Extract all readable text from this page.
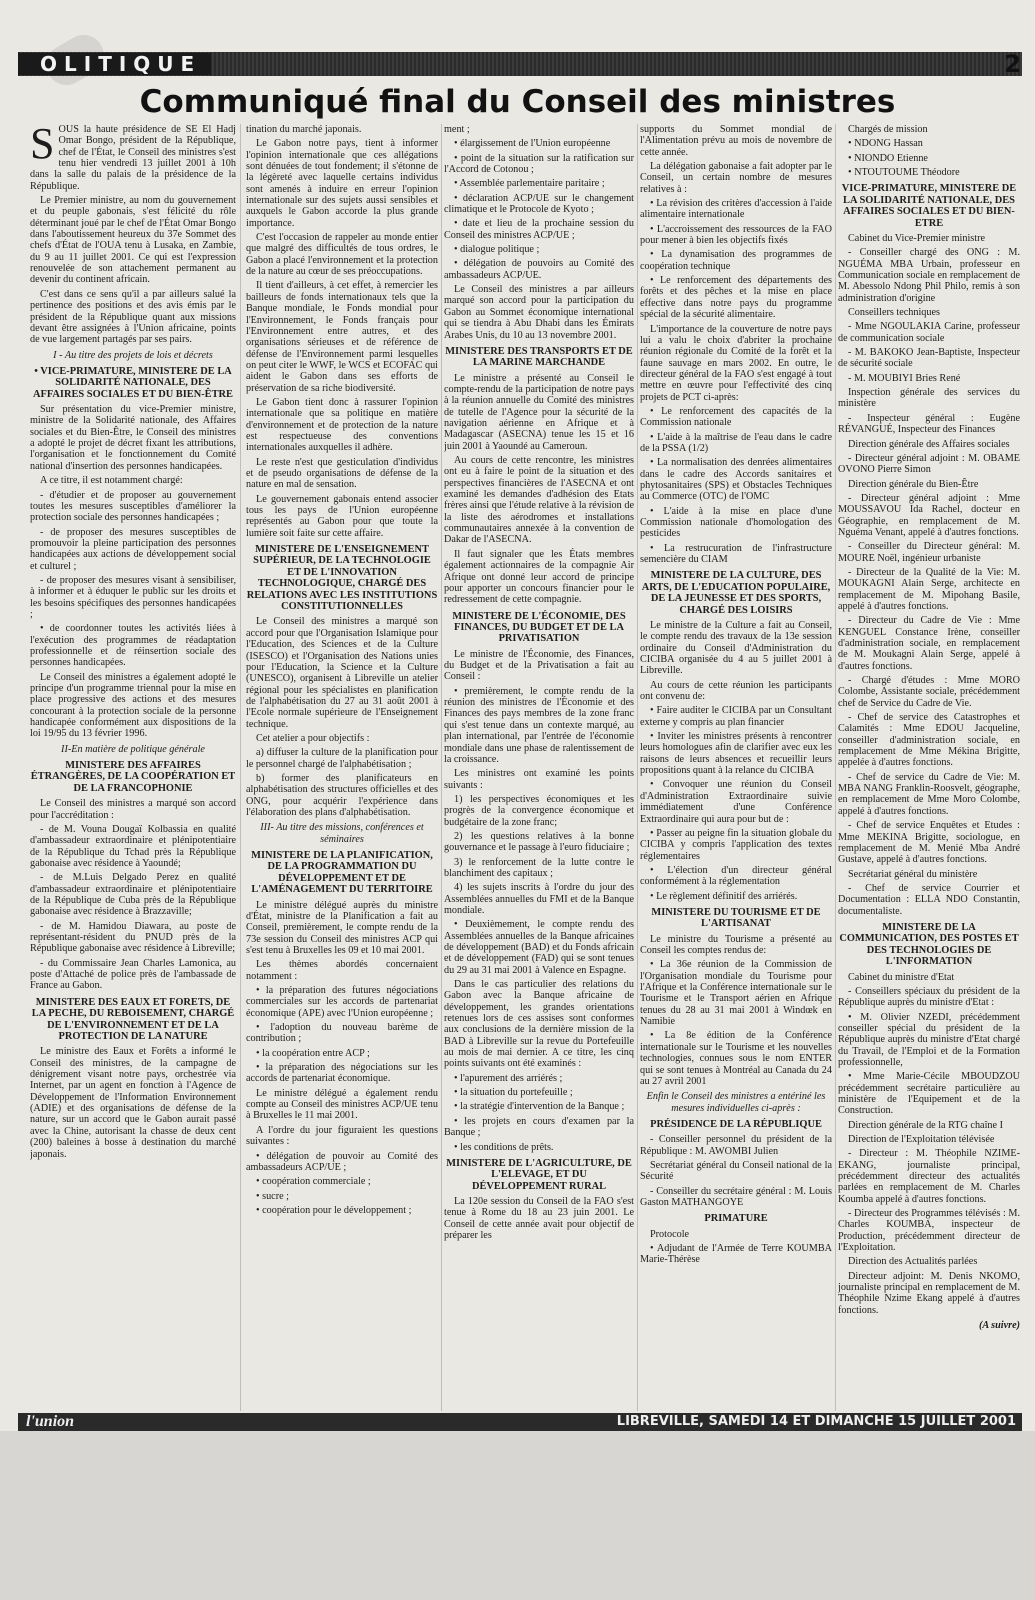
OLITIQUE	2
Communiqué final du Conseil des ministres

SOUS la haute présidence de SE El Hadj Omar Bongo, président de la République, chef de l'État, le Conseil des ministres s'est tenu hier vendredi 13 juillet 2001 à 10h dans la salle du palais de la présidence de la République.

Le Premier ministre, au nom du gouvernement et du peuple gabonais, s'est félicité du rôle déterminant joué par le chef de l'État Omar Bongo dans l'aboutissement heureux du 37e Sommet des chefs d'État de l'OUA tenu à Lusaka, en Zambie, du 9 au 11 juillet 2001. Ce qui est l'expression renouvelée de son attachement permanent au devenir du continent africain.

C'est dans ce sens qu'il a par ailleurs salué la pertinence des positions et des avis émis par le président de la République quant aux missions devant être assignées à l'Union africaine, points de vue largement partagés par ses pairs.

I - Au titre des projets de lois et décrets
• VICE-PRIMATURE, MINISTERE DE LA SOLIDARITÉ NATIONALE, DES AFFAIRES SOCIALES ET DU BIEN-ÊTRE

Sur présentation du vice-Premier ministre, ministre de la Solidarité nationale, des Affaires sociales et du Bien-Être, le Conseil des ministres a adopté le projet de décret fixant les attributions, l'organisation et le fonctionnement du Comité national d'insertion des personnes handicapées.

A ce titre, il est notamment chargé:

- d'étudier et de proposer au gouvernement toutes les mesures susceptibles d'améliorer la protection sociale des personnes handicapées ;

- de proposer des mesures susceptibles de promouvoir la pleine participation des personnes handicapées aux actions de développement social et culturel ;

- de proposer des mesures visant à sensibiliser, à informer et à éduquer le public sur les droits et les besoins spécifiques des personnes handicapées ;

• de coordonner toutes les activités liées à l'exécution des programmes de réadaptation professionnelle et de réinsertion sociale des personnes handicapées.

Le Conseil des ministres a également adopté le principe d'un programme triennal pour la mise en place progressive des actions et des mesures concourant à la protection sociale de la personne handicapée conformément aux dispositions de la loi 19/95 du 13 février 1996.

II-En matière de politique générale
MINISTERE DES AFFAIRES ÉTRANGÈRES, DE LA COOPÉRATION ET DE LA FRANCOPHONIE

Le Conseil des ministres a marqué son accord pour l'accréditation :

- de M. Vouna Dougaï Kolbassia en qualité d'ambassadeur extraordinaire et plénipotentiaire de la République du Tchad près la République gabonaise avec résidence à Yaoundé;

- de M.Luis Delgado Perez en qualité d'ambassadeur extraordinaire et plénipotentiaire de la République de Cuba près de la République gabonaise avec résidence à Brazzaville;

- de M. Hamidou Diawara, au poste de représentant-résident du PNUD près de la République gabonaise avec résidence à Libreville;

- du Commissaire Jean Charles Lamonica, au poste d'Attaché de police près de l'ambassade de France au Gabon.

MINISTERE DES EAUX ET FORETS, DE LA PECHE, DU REBOISEMENT, CHARGÉ DE L'ENVIRONNEMENT ET DE LA PROTECTION DE LA NATURE

Le ministre des Eaux et Forêts a informé le Conseil des ministres, de la campagne de dénigrement visant notre pays, orchestrée via Internet, par un agent en fonction à l'Agence de Développement de l'Information Environnement (ADIE) et des organisations de défense de la nature, sur un accord que le Gabon aurait passé avec la Chine, autorisant la chasse de deux cent (200) baleines à bosse à destination du marché japonais.

tination du marché japonais.

Le Gabon notre pays, tient à informer l'opinion internationale que ces allégations sont dénuées de tout fondement; il s'étonne de la légèreté avec laquelle certains individus sont amenés à induire en erreur l'opinion internationale sur des sujets aussi sensibles et auxquels le Gabon accorde la plus grande importance.

C'est l'occasion de rappeler au monde entier que malgré des difficultés de tous ordres, le Gabon a placé l'environnement et la protection de la nature au cœur de ses préoccupations.

Il tient d'ailleurs, à cet effet, à remercier les bailleurs de fonds internationaux tels que la Banque mondiale, le Fonds mondial pour l'Environnement, le Fonds français pour l'Environnement entre autres, et des organisations sérieuses et de référence de défense de l'Environnement parmi lesquelles on peut citer le WWF, le WCS et ECOFAC qui aident le Gabon dans ses efforts de préservation de sa riche biodiversité.

Le Gabon tient donc à rassurer l'opinion internationale que sa politique en matière d'environnement et de protection de la nature est respectueuse des conventions internationales auxquelles il adhère.

Le reste n'est que gesticulation d'individus et de pseudo organisations de défense de la nature en mal de sensation.

Le gouvernement gabonais entend associer tous les pays de l'Union européenne représentés au Gabon pour que toute la lumière soit faite sur cette affaire.

MINISTERE DE L'ENSEIGNEMENT SUPÉRIEUR, DE LA TECHNOLOGIE ET DE L'INNOVATION TECHNOLOGIQUE, CHARGÉ DES RELATIONS AVEC LES INSTITUTIONS CONSTITUTIONNELLES

Le Conseil des ministres a marqué son accord pour que l'Organisation Islamique pour l'Education, des Sciences et de la Culture (ISESCO) et l'Organisation des Nations unies pour l'Education, la Science et la Culture (UNESCO), organisent à Libreville un atelier régional pour les spécialistes en planification de l'alphabétisation du 27 au 31 août 2001 à l'Ecole normale supérieure de l'Enseignement technique.

Cet atelier a pour objectifs :

a) diffuser la culture de la planification pour le personnel chargé de l'alphabétisation ;

b) former des planificateurs en alphabétisation des structures officielles et des ONG, pour acquérir l'expérience dans l'élaboration des plans d'alphabétisation.

III- Au titre des missions, conférences et séminaires
MINISTERE DE LA PLANIFICATION, DE LA PROGRAMMATION DU DÉVELOPPEMENT ET DE L'AMÉNAGEMENT DU TERRITOIRE

Le ministre délégué auprès du ministre d'État, ministre de la Planification a fait au Conseil, premièrement, le compte rendu de la 73e session du Conseil des ministres ACP qui s'est tenu à Bruxelles les 09 et 10 mai 2001.

Les thèmes abordés concernaient notamment :

• la préparation des futures négociations commerciales sur les accords de partenariat économique (APE) avec l'Union européenne ;

• l'adoption du nouveau barème de contribution ;

• la coopération entre ACP ;

• la préparation des négociations sur les accords de partenariat économique.

Le ministre délégué a également rendu compte au Conseil des ministres ACP/UE tenu à Bruxelles le 11 mai 2001.

A l'ordre du jour figuraient les questions suivantes :

• délégation de pouvoir au Comité des ambassadeurs ACP/UE ;

• coopération commerciale ;

• sucre ;

• coopération pour le développement ;

ment ;

• élargissement de l'Union européenne

• point de la situation sur la ratification sur l'Accord de Cotonou ;

• Assemblée parlementaire paritaire ;

• déclaration ACP/UE sur le changement climatique et le Protocole de Kyoto ;

• date et lieu de la prochaine session du Conseil des ministres ACP/UE ;

• dialogue politique ;

• délégation de pouvoirs au Comité des ambassadeurs ACP/UE.

Le Conseil des ministres a par ailleurs marqué son accord pour la participation du Gabon au Sommet économique international qui se tiendra à Abu Dhabi dans les Émirats Arabes Unis, du 10 au 13 novembre 2001.

MINISTERE DES TRANSPORTS ET DE LA MARINE MARCHANDE

Le ministre a présenté au Conseil le compte-rendu de la participation de notre pays à la réunion annuelle du Comité des ministres de tutelle de l'Agence pour la sécurité de la navigation aérienne en Afrique et à Madagascar (ASECNA) tenue les 15 et 16 juin 2001 à Yaoundé au Cameroun.

Au cours de cette rencontre, les ministres ont eu à faire le point de la situation et des perspectives financières de l'ASECNA et ont examiné les demandes d'adhésion des Etats frères ainsi que l'étude relative à la révision de la liste des aérodromes et installations communautaires annexée à la convention de Dakar de l'ASECNA.

Il faut signaler que les États membres également actionnaires de la compagnie Air Afrique ont donné leur accord de principe pour apporter un concours financier pour le redressement de cette compagnie.

MINISTERE DE L'ÉCONOMIE, DES FINANCES, DU BUDGET ET DE LA PRIVATISATION

Le ministre de l'Économie, des Finances, du Budget et de la Privatisation a fait au Conseil :

• premièrement, le compte rendu de la réunion des ministres de l'Économie et des Finances des pays membres de la zone franc qui s'est tenue dans un contexte marqué, au plan international, par l'entrée de l'économie mondiale dans une phase de ralentissement de la croissance.

Les ministres ont examiné les points suivants :

1) les perspectives économiques et les progrès de la convergence économique et budgétaire de la zone franc;

2) les questions relatives à la bonne gouvernance et le passage à l'euro fiduciaire ;

3) le renforcement de la lutte contre le blanchiment des capitaux ;

4) les sujets inscrits à l'ordre du jour des Assemblées annuelles du FMI et de la Banque mondiale.

• Deuxièmement, le compte rendu des Assemblées annuelles de la Banque africaines de développement (BAD) et du Fonds africain et de développement (FAD) qui se sont tenues du 29 au 31 mai 2001 à Valence en Espagne.

Dans le cas particulier des relations du Gabon avec la Banque africaine de développement, les grandes orientations retenues lors de ces assises sont conformes aux conclusions de la dernière mission de la BAD à Libreville sur la revue du Portefeuille au mois de mai dernier. A ce titre, les cinq points suivants ont été examinés :

• l'apurement des arriérés ;

• la situation du portefeuille ;

• la stratégie d'intervention de la Banque ;

• les projets en cours d'examen par la Banque ;

• les conditions de prêts.

MINISTERE DE L'AGRICULTURE, DE L'ELEVAGE, ET DU DÉVELOPPEMENT RURAL

La 120e session du Conseil de la FAO s'est tenue à Rome du 18 au 23 juin 2001. Le Conseil de cette année avait pour objectif de préparer les

supports du Sommet mondial de l'Alimentation prévu au mois de novembre de cette année.

La délégation gabonaise a fait adopter par le Conseil, un certain nombre de mesures relatives à :

• La révision des critères d'accession à l'aide alimentaire internationale

• L'accroissement des ressources de la FAO pour mener à bien les objectifs fixés

• La dynamisation des programmes de coopération technique

• Le renforcement des départements des forêts et des pêches et la mise en place effective dans notre pays du programme spécial de la sécurité alimentaire.

L'importance de la couverture de notre pays lui a valu le choix d'abriter la prochaine réunion régionale du Comité de la forêt et la faune sauvage en mars 2002. En outre, le directeur général de la FAO s'est engagé à tout mettre en œuvre pour l'effectivité des cinq projets de PCT ci-après:

• Le renforcement des capacités de la Commission nationale

• L'aide à la maîtrise de l'eau dans le cadre de la PSSA (1/2)

• La normalisation des denrées alimentaires dans le cadre des Accords sanitaires et phytosanitaires (SPS) et Obstacles Techniques au Commerce (OTC) de l'OMC

• L'aide à la mise en place d'une Commission nationale d'homologation des pesticides

• La restrucuration de l'infrastructure semencière du CIAM

MINISTERE DE LA CULTURE, DES ARTS, DE L'EDUCATION POPULAIRE, DE LA JEUNESSE ET DES SPORTS, CHARGÉ DES LOISIRS

Le ministre de la Culture a fait au Conseil, le compte rendu des travaux de la 13e session ordinaire du Conseil d'Administration du CICIBA organisée du 4 au 5 juillet 2001 à Libreville.

Au cours de cette réunion les participants ont convenu de:

• Faire auditer le CICIBA par un Consultant externe y compris au plan financier

• Inviter les ministres présents à rencontrer leurs homologues afin de clarifier avec eux les raisons de leurs absences et recueillir leurs propositions quant à la relance du CICIBA

• Convoquer une réunion du Conseil d'Administration Extraordinaire suivie immédiatement d'une Conférence Extraordinaire qui aura pour but de :

• Passer au peigne fin la situation globale du CICIBA y compris l'application des textes réglementaires

• L'élection d'un directeur général conformément à la réglementation

• Le règlement définitif des arriérés.

MINISTERE DU TOURISME ET DE L'ARTISANAT

Le ministre du Tourisme a présenté au Conseil les comptes rendus de:

• La 36e réunion de la Commission de l'Organisation mondiale du Tourisme pour l'Afrique et la Conférence internationale sur le Tourisme et le Transport aérien en Afrique tenues du 28 au 31 mai 2001 à Windœk en Namibie

• La 8e édition de la Conférence internationale sur le Tourisme et les nouvelles technologies, connues sous le nom ENTER qui se sont tenues à Montréal au Canada du 24 au 27 avril 2001

Enfin le Conseil des ministres a entériné les mesures individuelles ci-après :
PRÉSIDENCE DE LA RÉPUBLIQUE

- Conseiller personnel du président de la République : M. AWOMBI Julien

Secrétariat général du Conseil national de la Sécurité

- Conseiller du secrétaire général : M. Louis Gaston MATHANGOYE

PRIMATURE

Protocole

• Adjudant de l'Armée de Terre KOUMBA Marie-Thérèse

Chargés de mission

• NDONG Hassan

• NIONDO Etienne

• NTOUTOUME Théodore

VICE-PRIMATURE, MINISTERE DE LA SOLIDARITÉ NATIONALE, DES AFFAIRES SOCIALES ET DU BIEN-ETRE

Cabinet du Vice-Premier ministre

- Conseiller chargé des ONG : M. NGUÉMA MBA Urbain, professeur en Communication sociale en remplacement de M. Abessolo Ndong Phil Philo, remis à son administration d'origine

Conseillers techniques

- Mme NGOULAKIA Carine, professeur de communication sociale

- M. BAKOKO Jean-Baptiste, Inspecteur de sécurité sociale

- M. MOUBIYI Bries René

Inspection générale des services du ministère

- Inspecteur général : Eugène RÉVANGUÉ, Inspecteur des Finances

Direction générale des Affaires sociales

- Directeur général adjoint : M. OBAME OVONO Pierre Simon

Direction générale du Bien-Être

- Directeur général adjoint : Mme MOUSSAVOU Ida Rachel, docteur en Géographie, en remplacement de M. Nguéma Venant, appelé à d'autres fonctions.

- Conseiller du Directeur général: M. MOURE Noël, ingénieur urbaniste

- Directeur de la Qualité de la Vie: M. MOUKAGNI Alain Serge, architecte en remplacement de M. Mipohang Basile, appelé à d'autres fonctions.

- Directeur du Cadre de Vie : Mme KENGUEL Constance Irène, conseiller d'administration sociale, en remplacement de M. Moukagni Alain Serge, appelé à d'autres fonctions.

- Chargé d'études : Mme MORO Colombe, Assistante sociale, précédemment chef de Service du Cadre de Vie.

- Chef de service des Catastrophes et Calamités : Mme EDOU Jacqueline, conseiller d'administration sociale, en remplacement de Mme Mékina Brigitte, appelée à d'autres fonctions.

- Chef de service du Cadre de Vie: M. MBA NANG Franklin-Roosvelt, géographe, en remplacement de Mme Moro Colombe, appelé à d'autres fonctions.

- Chef de service Enquêtes et Etudes : Mme MEKINA Brigitte, sociologue, en remplacement de M. Menié Mba André Gustave, appelé à d'autres fonctions.

Secrétariat général du ministère

- Chef de service Courrier et Documentation : ELLA NDO Constantin, documentaliste.

MINISTERE DE LA COMMUNICATION, DES POSTES ET DES TECHNOLOGIES DE L'INFORMATION

Cabinet du ministre d'Etat

- Conseillers spéciaux du président de la République auprès du ministre d'Etat :

• M. Olivier NZEDI, précédemment conseiller spécial du président de la République auprès du ministre d'Etat chargé du Travail, de l'Emploi et de la Formation professionnelle,

• Mme Marie-Cécile MBOUDZOU précédemment secrétaire particulière au ministère de l'Equipement et de la Construction.

Direction générale de la RTG chaîne I

Direction de l'Exploitation télévisée

- Directeur : M. Théophile NZIME-EKANG, journaliste principal, précédemment directeur des actualités parlées en remplacement de M. Charles Koumba appelé à d'autres fonctions.

- Directeur des Programmes télévisés : M. Charles KOUMBA, inspecteur de Production, précédemment directeur de l'Exploitation.

Direction des Actualités parlées

Directeur adjoint: M. Denis NKOMO, journaliste principal en remplacement de M. Théophile Nzime Ekang appelé à d'autres fonctions.

(A suivre)
l'union	LIBREVILLE, SAMEDI 14 ET DIMANCHE 15 JUILLET 2001
